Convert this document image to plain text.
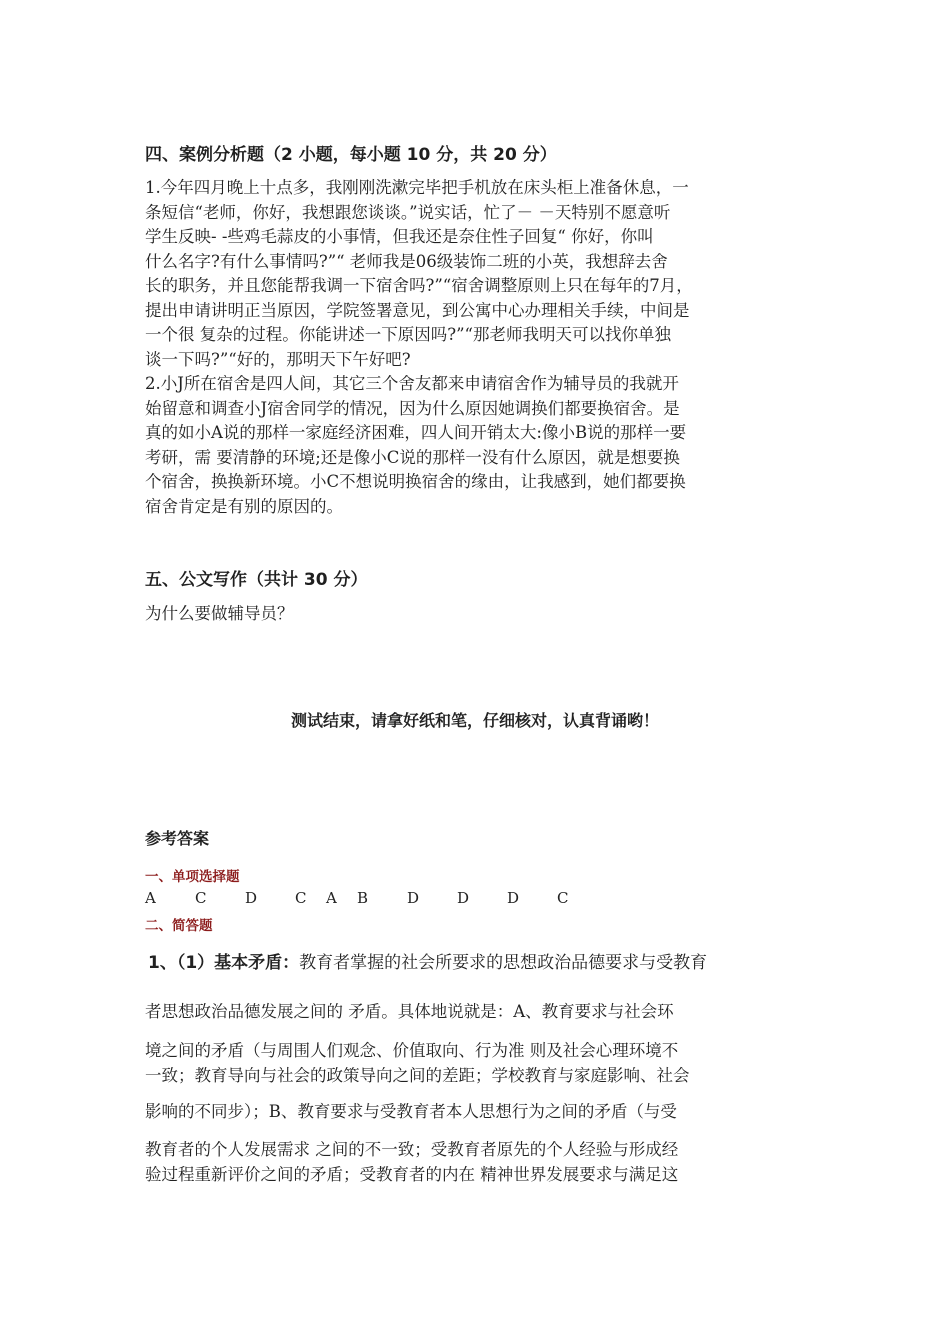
四、案例分析题（2 小题，每小题 10 分，共 20 分）
1.今年四月晚上十点多，我刚刚洗漱完毕把手机放在床头柜上准备休息，一
条短信“老师，你好，我想跟您谈谈。”说实话，忙了－ －天特别不愿意听
学生反映- -些鸡毛蒜皮的小事情，但我还是奈住性子回复“ 你好，你叫
什么名字?有什么事情吗?”“ 老师我是06级装饰二班的小英，我想辞去舍
长的职务，并且您能帮我调一下宿舍吗?”“宿舍调整原则上只在每年的7月，
提出申请讲明正当原因，学院签署意见，到公寓中心办理相关手续，中间是
一个很 复杂的过程。你能讲述一下原因吗?”“那老师我明天可以找你单独
谈一下吗?”“好的，那明天下午好吧?
2.小J所在宿舍是四人间，其它三个舍友都来申请宿舍作为辅导员的我就开
始留意和调查小J宿舍同学的情况，因为什么原因她调换们都要换宿舍。是
真的如小A说的那样一家庭经济困难，四人间开销太大:像小B说的那样一要
考研，需 要清静的环境;还是像小C说的那样一没有什么原因，就是想要换
个宿舍，换换新环境。小C不想说明换宿舍的缘由，让我感到，她们都要换
宿舍肯定是有别的原因的。
五、公文写作（共计 30 分）
为什么要做辅导员？
测试结束，请拿好纸和笔，仔细核对，认真背诵哟！
参考答案
一、单项选择题
A	C	D	C	A	B	D	D	D	C
二、简答题
1、（1）基本矛盾：教育者掌握的社会所要求的思想政治品德要求与受教育
者思想政治品德发展之间的 矛盾。具体地说就是：A、教育要求与社会环
境之间的矛盾（与周围人们观念、价值取向、行为准 则及社会心理环境不
一致；教育导向与社会的政策导向之间的差距；学校教育与家庭影响、社会
影响的不同步）；B、教育要求与受教育者本人思想行为之间的矛盾（与受
教育者的个人发展需求 之间的不一致；受教育者原先的个人经验与形成经
验过程重新评价之间的矛盾；受教育者的内在 精神世界发展要求与满足这
